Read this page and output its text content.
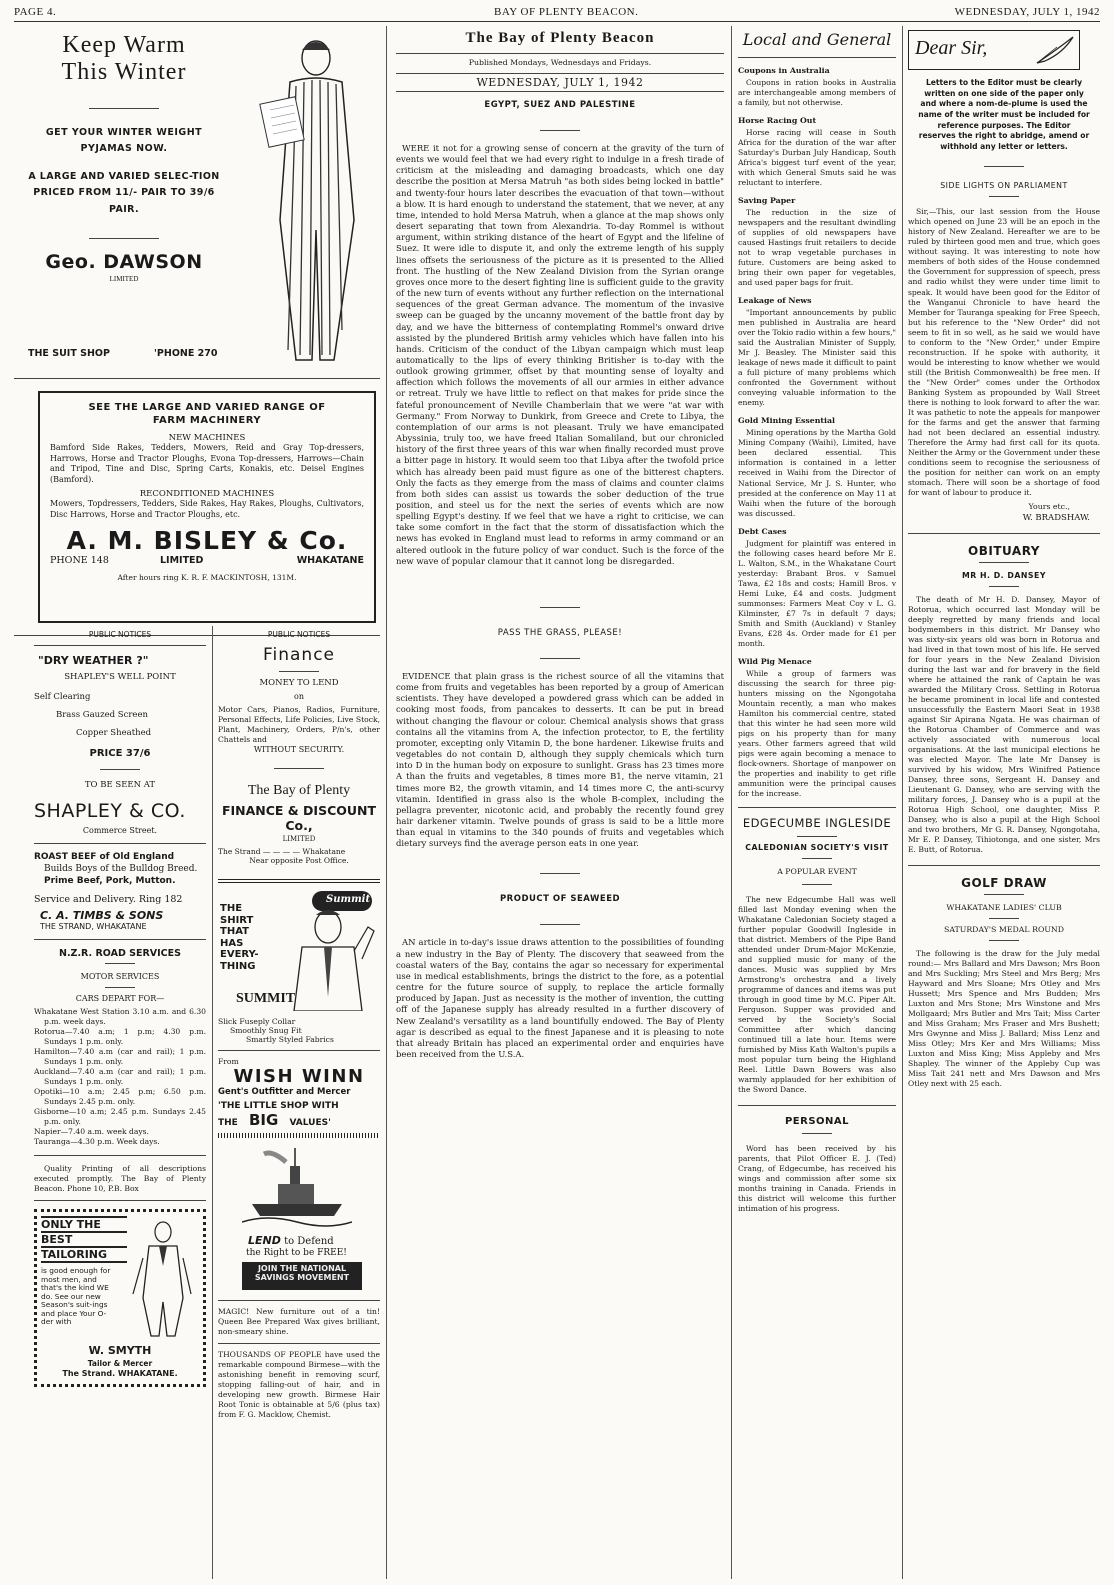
PAGE 4.	BAY OF PLENTY BEACON.	WEDNESDAY, JULY 1, 1942
Keep Warm
This Winter
GET YOUR WINTER WEIGHT PYJAMAS NOW.
A LARGE AND VARIED SELEC-TION PRICED FROM 11/- PAIR TO 39/6 PAIR.
Geo. DAWSON
LIMITED
THE SUIT SHOP	'PHONE 270
SEE THE LARGE AND VARIED RANGE OF FARM MACHINERY
NEW MACHINES

Bamford Side Rakes, Tedders, Mowers, Reid and Gray Top-dressers, Harrows, Horse and Tractor Ploughs, Evona Top-dressers, Harrows—Chain and Tripod, Tine and Disc, Spring Carts, Konakis, etc. Deisel Engines (Bamford).

RECONDITIONED MACHINES

Mowers, Topdressers, Tedders, Side Rakes, Hay Rakes, Ploughs, Cultivators, Disc Harrows, Horse and Tractor Ploughs, etc.

A. M. BISLEY & Co.
PHONE 148	LIMITED	WHAKATANE
After hours ring K. R. F. MACKINTOSH, 131M.
PUBLIC NOTICES
"DRY WEATHER ?"
SHAPLEY'S WELL POINT
Self Clearing
Brass Gauzed Screen
Copper Sheathed
PRICE 37/6
TO BE SEEN AT
SHAPLEY & CO.
Commerce Street.
ROAST BEEF of Old England
Builds Boys of the Bulldog Breed.
Prime Beef, Pork, Mutton.
Service and Delivery. Ring 182
C. A. TIMBS & SONS
THE STRAND, WHAKATANE
N.Z.R. ROAD SERVICES
MOTOR SERVICES
CARS DEPART FOR—

Whakatane West Station 3.10 a.m. and 6.30 p.m. week days.

Rotorua—7.40 a.m; 1 p.m; 4.30 p.m. Sundays 1 p.m. only.

Hamilton—7.40 a.m (car and rail); 1 p.m. Sundays 1 p.m. only.

Auckland—7.40 a.m (car and rail); 1 p.m. Sundays 1 p.m. only.

Opotiki—10 a.m; 2.45 p.m; 6.50 p.m. Sundays 2.45 p.m. only.

Gisborne—10 a.m; 2.45 p.m. Sundays 2.45 p.m. only.

Napier—7.40 a.m. week days.

Tauranga—4.30 p.m. Week days.

Quality Printing of all descriptions executed promptly. The Bay of Plenty Beacon. Phone 10, P.B. Box

ONLY THE
BEST
TAILORING

is good enough for most men, and that's the kind WE do. See our new Season's suit-ings and place Your O-der with

W. SMYTH
Tailor & Mercer
The Strand. WHAKATANE.
PUBLIC NOTICES
Finance
MONEY TO LEND
on

Motor Cars, Pianos, Radios, Furniture, Personal Effects, Life Policies, Live Stock, Plant, Machinery, Orders, P/n's, other Chattels and

WITHOUT SECURITY.
The Bay of Plenty
FINANCE & DISCOUNT Co.,
LIMITED
The Strand — — — — Whakatane
Near opposite Post Office.
THE
SHIRT
THAT
HAS
EVERY-
THING
SUMMIT
Summit
Slick Fuseply Collar
Smoothly Snug Fit
Smartly Styled Fabrics
From
WISH WINN
Gent's Outfitter and Mercer
'THE LITTLE SHOP WITH
THE BIG VALUES'
LEND to Defend
the Right to be FREE!
JOIN THE NATIONAL SAVINGS MOVEMENT

MAGIC! New furniture out of a tin! Queen Bee Prepared Wax gives brilliant, non-smeary shine.

THOUSANDS OF PEOPLE have used the remarkable compound Birmese—with the astonishing benefit in removing scurf, stopping falling-out of hair, and in developing new growth. Birmese Hair Root Tonic is obtainable at 5/6 (plus tax) from F. G. Macklow, Chemist.

The Bay of Plenty Beacon
Published Mondays, Wednesdays and Fridays.
WEDNESDAY, JULY 1, 1942
EGYPT, SUEZ AND PALESTINE

WERE it not for a growing sense of concern at the gravity of the turn of events we would feel that we had every right to indulge in a fresh tirade of criticism at the misleading and damaging broadcasts, which one day describe the position at Mersa Matruh "as both sides being locked in battle" and twenty-four hours later describes the evacuation of that town—without a blow. It is hard enough to understand the statement, that we never, at any time, intended to hold Mersa Matruh, when a glance at the map shows only desert separating that town from Alexandria. To-day Rommel is without argument, within striking distance of the heart of Egypt and the lifeline of Suez. It were idle to dispute it, and only the extreme length of his supply lines offsets the seriousness of the picture as it is presented to the Allied front. The hustling of the New Zealand Division from the Syrian orange groves once more to the desert fighting line is sufficient guide to the gravity of the new turn of events without any further reflection on the international sequences of the great German advance. The momentum of the invasive sweep can be guaged by the uncanny movement of the battle front day by day, and we have the bitterness of contemplating Rommel's onward drive assisted by the plundered British army vehicles which have fallen into his hands. Criticism of the conduct of the Libyan campaign which must leap automatically to the lips of every thinking Britisher is to-day with the outlook growing grimmer, offset by that mounting sense of loyalty and affection which follows the movements of all our armies in either advance or retreat. Truly we have little to reflect on that makes for pride since the fateful pronouncement of Neville Chamberlain that we were "at war with Germany." From Norway to Dunkirk, from Greece and Crete to Libya, the contemplation of our arms is not pleasant. Truly we have emancipated Abyssinia, truly too, we have freed Italian Somaliland, but our chronicled history of the first three years of this war when finally recorded must prove a bitter page in history. It would seem too that Libya after the twofold price which has already been paid must figure as one of the bitterest chapters. Only the facts as they emerge from the mass of claims and counter claims from both sides can assist us towards the sober deduction of the true position, and steel us for the next the series of events which are now spelling Egypt's destiny. If we feel that we have a right to criticise, we can take some comfort in the fact that the storm of dissatisfaction which the news has evoked in England must lead to reforms in army command or an altered outlook in the future policy of war conduct. Such is the force of the new wave of popular clamour that it cannot long be disregarded.

PASS THE GRASS, PLEASE!

EVIDENCE that plain grass is the richest source of all the vitamins that come from fruits and vegetables has been reported by a group of American scientists. They have developed a powdered grass which can be added in cooking most foods, from pancakes to desserts. It can be put in bread without changing the flavour or colour. Chemical analysis shows that grass contains all the vitamins from A, the infection protector, to E, the fertility promoter, excepting only Vitamin D, the bone hardener. Likewise fruits and vegetables do not contain D, although they supply chemicals which turn into D in the human body on exposure to sunlight. Grass has 23 times more A than the fruits and vegetables, 8 times more B1, the nerve vitamin, 21 times more B2, the growth vitamin, and 14 times more C, the anti-scurvy vitamin. Identified in grass also is the whole B-complex, including the pellagra preventer, nicotonic acid, and probably the recently found grey hair darkener vitamin. Twelve pounds of grass is said to be a little more than equal in vitamins to the 340 pounds of fruits and vegetables which dietary surveys find the average person eats in one year.

PRODUCT OF SEAWEED

AN article in to-day's issue draws attention to the possibilities of founding a new industry in the Bay of Plenty. The discovery that seaweed from the coastal waters of the Bay, contains the agar so necessary for experimental use in medical establishments, brings the district to the fore, as a potential centre for the future source of supply, to replace the article formally produced by Japan. Just as necessity is the mother of invention, the cutting off of the Japanese supply has already resulted in a further discovery of New Zealand's versatility as a land bountifully endowed. The Bay of Plenty agar is described as equal to the finest Japanese and it is pleasing to note that already Britain has placed an experimental order and enquiries have been received from the U.S.A.

Local and General
Coupons in Australia

Coupons in ration books in Australia are interchangeable among members of a family, but not otherwise.

Horse Racing Out

Horse racing will cease in South Africa for the duration of the war after Saturday's Durban July Handicap, South Africa's biggest turf event of the year, with which General Smuts said he was reluctant to interfere.

Saving Paper

The reduction in the size of newspapers and the resultant dwindling of supplies of old newspapers have caused Hastings fruit retailers to decide not to wrap vegetable purchases in future. Customers are being asked to bring their own paper for vegetables, and used paper bags for fruit.

Leakage of News

"Important announcements by public men published in Australia are heard over the Tokio radio within a few hours," said the Australian Minister of Supply, Mr J. Beasley. The Minister said this leakage of news made it difficult to paint a full picture of many problems which confronted the Government without conveying valuable information to the enemy.

Gold Mining Essential

Mining operations by the Martha Gold Mining Company (Waihi), Limited, have been declared essential. This information is contained in a letter received in Waihi from the Director of National Service, Mr J. S. Hunter, who presided at the conference on May 11 at Waihi when the future of the borough was discussed.

Debt Cases

Judgment for plaintiff was entered in the following cases heard before Mr E. L. Walton, S.M., in the Whakatane Court yesterday: Brabant Bros. v Samuel Tawa, £2 18s and costs; Hamill Bros. v Hemi Luke, £4 and costs. Judgment summonses: Farmers Meat Coy v L. G. Kilminster, £7 7s in default 7 days; Smith and Smith (Auckland) v Stanley Evans, £28 4s. Order made for £1 per month.

Wild Pig Menace

While a group of farmers was discussing the search for three pig-hunters missing on the Ngongotaha Mountain recently, a man who makes Hamilton his commercial centre, stated that this winter he had seen more wild pigs on his property than for many years. Other farmers agreed that wild pigs were again becoming a menace to flock-owners. Shortage of manpower on the properties and inability to get rifle ammunition were the principal causes for the increase.

EDGECUMBE INGLESIDE
CALEDONIAN SOCIETY'S VISIT
A POPULAR EVENT

The new Edgecumbe Hall was well filled last Monday evening when the Whakatane Caledonian Society staged a further popular Goodwill Ingleside in that district. Members of the Pipe Band attended under Drum-Major McKenzie, and supplied music for many of the dances. Music was supplied by Mrs Armstrong's orchestra and a lively programme of dances and items was put through in good time by M.C. Piper Alt. Ferguson. Supper was provided and served by the Society's Social Committee after which dancing continued till a late hour. Items were furnished by Miss Kath Walton's pupils a most popular turn being the Highland Reel. Little Dawn Bowers was also warmly applauded for her exhibition of the Sword Dance.

PERSONAL

Word has been received by his parents, that Pilot Officer E. J. (Ted) Crang, of Edgecumbe, has received his wings and commission after some six months training in Canada. Friends in this district will welcome this further intimation of his progress.

Dear Sir,

Letters to the Editor must be clearly written on one side of the paper only and where a nom-de-plume is used the name of the writer must be included for reference purposes. The Editor reserves the right to abridge, amend or withhold any letter or letters.

SIDE LIGHTS ON PARLIAMENT

Sir,—This, our last session from the House which opened on June 23 will be an epoch in the history of New Zealand. Hereafter we are to be ruled by thirteen good men and true, which goes without saying. It was interesting to note how members of both sides of the House condemned the Government for suppression of speech, press and radio whilst they were under time limit to speak. It would have been good for the Editor of the Wanganui Chronicle to have heard the Member for Tauranga speaking for Free Speech, but his reference to the "New Order" did not seem to fit in so well, as he said we would have to conform to the "New Order," under Empire reconstruction. If he spoke with authority, it would be interesting to know whether we would still (the British Commonwealth) be free men. If the "New Order" comes under the Orthodox Banking System as propounded by Wall Street there is nothing to look forward to after the war. It was pathetic to note the appeals for manpower for the farms and get the answer that farming had not been declared an essential industry. Therefore the Army had first call for its quota. Neither the Army or the Government under these conditions seem to recognise the seriousness of the position for neither can work on an empty stomach. There will soon be a shortage of food for want of labour to produce it.

Yours etc.,
W. BRADSHAW.
OBITUARY
MR H. D. DANSEY

The death of Mr H. D. Dansey, Mayor of Rotorua, which occurred last Monday will be deeply regretted by many friends and local bodymembers in this district. Mr Dansey who was sixty-six years old was born in Rotorua and had lived in that town most of his life. He served for four years in the New Zealand Division during the last war and for bravery in the field where he attained the rank of Captain he was awarded the Military Cross. Settling in Rotorua he became prominent in local life and contested unsuccessfully the Eastern Maori Seat in 1938 against Sir Apirana Ngata. He was chairman of the Rotorua Chamber of Commerce and was actively associated with numerous local organisations. At the last municipal elections he was elected Mayor. The late Mr Dansey is survived by his widow, Mrs Winifred Patience Dansey, three sons, Sergeant H. Dansey and Lieutenant G. Dansey, who are serving with the military forces, J. Dansey who is a pupil at the Rotorua High School, one daughter, Miss P. Dansey, who is also a pupil at the High School and two brothers, Mr G. R. Dansey, Ngongotaha, Mr E. P. Dansey, Tihiotonga, and one sister, Mrs E. Butt, of Rotorua.

GOLF DRAW
WHAKATANE LADIES' CLUB
SATURDAY'S MEDAL ROUND

The following is the draw for the July medal round:— Mrs Ballard and Mrs Dawson; Mrs Boon and Mrs Suckling; Mrs Steel and Mrs Berg; Mrs Hayward and Mrs Sloane; Mrs Otley and Mrs Hussett; Mrs Spence and Mrs Budden; Mrs Luxton and Mrs Stone; Mrs Winstone and Mrs Mollgaard; Mrs Butler and Mrs Tait; Miss Carter and Miss Graham; Mrs Fraser and Mrs Bushett; Mrs Gwynne and Miss J. Ballard; Miss Lenz and Miss Otley; Mrs Ker and Mrs Williams; Miss Luxton and Miss King; Miss Appleby and Mrs Shapley. The winner of the Appleby Cup was Miss Tait 241 nett and Mrs Dawson and Mrs Otley next with 25 each.
